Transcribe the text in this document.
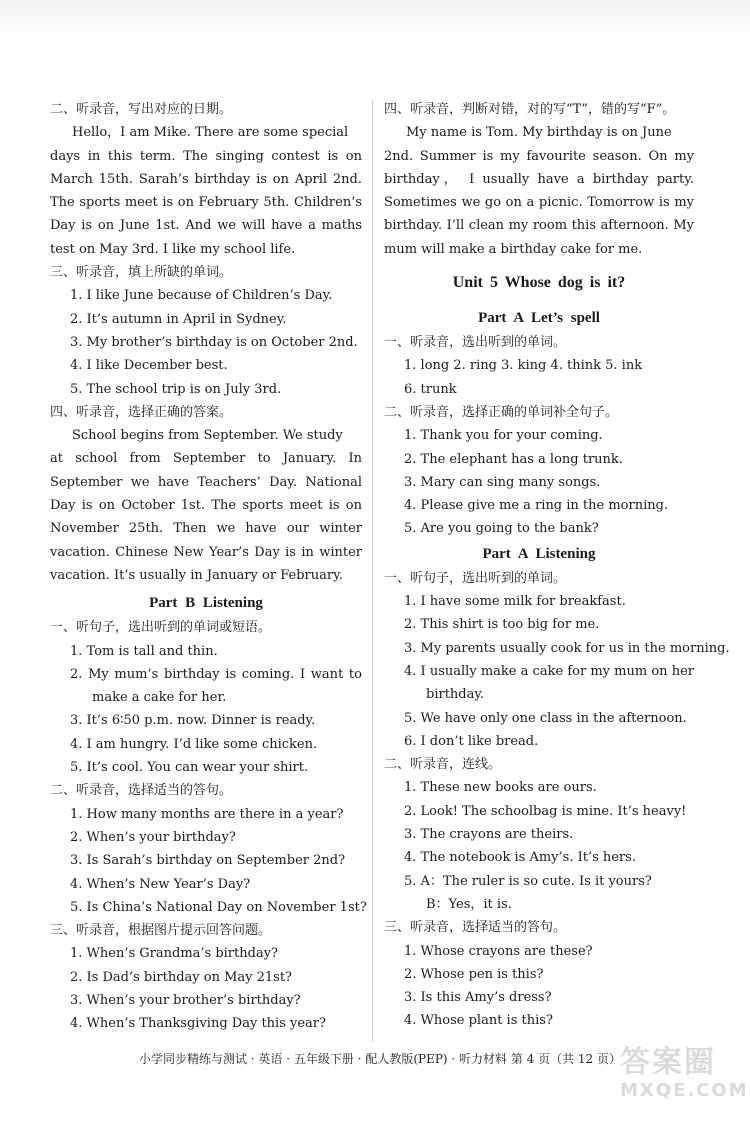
二、听录音，写出对应的日期。
Hello，I am Mike. There are some special
days in this term. The singing contest is on
March 15th. Sarah’s birthday is on April 2nd.
The sports meet is on February 5th. Children’s
Day is on June 1st. And we will have a maths
test on May 3rd. I like my school life.
三、听录音，填上所缺的单词。
1. I like June because of Children’s Day.
2. It’s autumn in April in Sydney.
3. My brother’s birthday is on October 2nd.
4. I like December best.
5. The school trip is on July 3rd.
四、听录音，选择正确的答案。
School begins from September. We study
at school from September to January. In
September we have Teachers’ Day. National
Day is on October 1st. The sports meet is on
November 25th. Then we have our winter
vacation. Chinese New Year’s Day is in winter
vacation. It’s usually in January or February.
Part B Listening
一、听句子，选出听到的单词或短语。
1. Tom is tall and thin.
2. My mum’s birthday is coming. I want to
make a cake for her.
3. It’s 6∶50 p.m. now. Dinner is ready.
4. I am hungry. I’d like some chicken.
5. It’s cool. You can wear your shirt.
二、听录音，选择适当的答句。
1. How many months are there in a year?
2. When’s your birthday?
3. Is Sarah’s birthday on September 2nd?
4. When’s New Year’s Day?
5. Is China’s National Day on November 1st?
三、听录音，根据图片提示回答问题。
1. When’s Grandma’s birthday?
2. Is Dad’s birthday on May 21st?
3. When’s your brother’s birthday?
4. When’s Thanksgiving Day this year?
四、听录音，判断对错，对的写“T”，错的写“F”。
My name is Tom. My birthday is on June
2nd. Summer is my favourite season. On my
birthday， I usually have a birthday party.
Sometimes we go on a picnic. Tomorrow is my
birthday. I’ll clean my room this afternoon. My
mum will make a birthday cake for me.
Unit 5 Whose dog is it?
Part A Let’s spell
一、听录音，选出听到的单词。
1. long 2. ring 3. king 4. think 5. ink
6. trunk
二、听录音，选择正确的单词补全句子。
1. Thank you for your coming.
2. The elephant has a long trunk.
3. Mary can sing many songs.
4. Please give me a ring in the morning.
5. Are you going to the bank?
Part A Listening
一、听句子，选出听到的单词。
1. I have some milk for breakfast.
2. This shirt is too big for me.
3. My parents usually cook for us in the morning.
4. I usually make a cake for my mum on her
birthday.
5. We have only one class in the afternoon.
6. I don’t like bread.
二、听录音，连线。
1. These new books are ours.
2. Look! The schoolbag is mine. It’s heavy!
3. The crayons are theirs.
4. The notebook is Amy’s. It’s hers.
5. A：The ruler is so cute. Is it yours?
B：Yes，it is.
三、听录音，选择适当的答句。
1. Whose crayons are these?
2. Whose pen is this?
3. Is this Amy’s dress?
4. Whose plant is this?
小学同步精练与测试 · 英语 · 五年级下册 · 配人教版(PEP) · 听力材料 第 4 页（共 12 页）
答案圈
MXQE.COM
